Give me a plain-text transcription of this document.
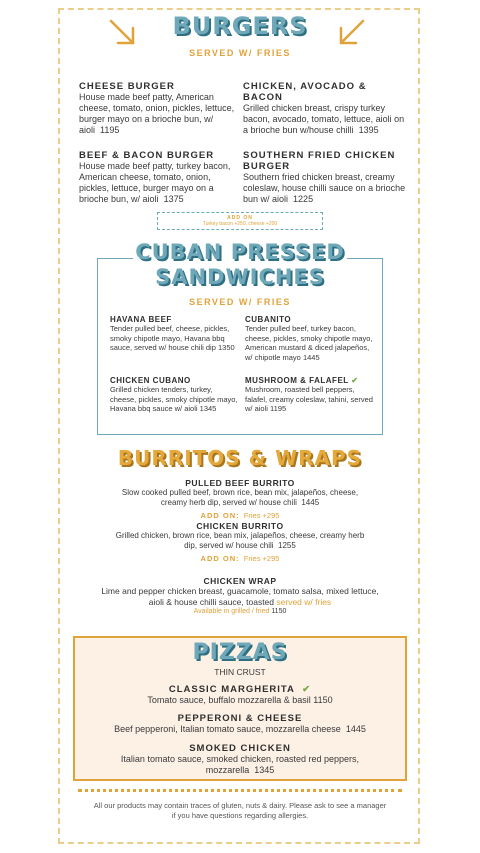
BURGERS
SERVED W/ FRIES
CHEESE BURGER
House made beef patty, American cheese, tomato, onion, pickles, lettuce, burger mayo on a brioche bun, w/ aioli 1195
CHICKEN, AVOCADO & BACON
Grilled chicken breast, crispy turkey bacon, avocado, tomato, lettuce, aioli on a brioche bun w/house chilli 1395
BEEF & BACON BURGER
House made beef patty, turkey bacon, American cheese, tomato, onion, pickles, lettuce, burger mayo on a brioche bun, w/ aioli 1375
SOUTHERN FRIED CHICKEN BURGER
Southern fried chicken breast, creamy coleslaw, house chilli sauce on a brioche bun w/ aioli 1225
ADD ON
Turkey bacon +250, cheese +200
CUBAN PRESSED
SANDWICHES
SERVED W/ FRIES
HAVANA BEEF
Tender pulled beef, cheese, pickles, smoky chipotle mayo, Havana bbq sauce, served w/ house chili dip 1350
CUBANITO
Tender pulled beef, turkey bacon, cheese, pickles, smoky chipotle mayo, American mustard & diced jalapeños, w/ chipotle mayo 1445
CHICKEN CUBANO
Grilled chicken tenders, turkey, cheese, pickles, smoky chipotle mayo, Havana bbq sauce w/ aioli 1345
MUSHROOM & FALAFEL ✔
Mushroom, roasted bell peppers, falafel, creamy coleslaw, tahini, served w/ aioli 1195
BURRITOS & WRAPS
PULLED BEEF BURRITO
Slow cooked pulled beef, brown rice, bean mix, jalapeños, cheese, creamy herb dip, served w/ house chili 1445
ADD ON: Fries +295
CHICKEN BURRITO
Grilled chicken, brown rice, bean mix, jalapeños, cheese, creamy herb dip, served w/ house chili 1255
ADD ON: Fries +295
CHICKEN WRAP
Lime and pepper chicken breast, guacamole, tomato salsa, mixed lettuce, aioli & house chilli sauce, toasted served w/ fries
Available in grilled / fried 1150
PIZZAS
THIN CRUST
CLASSIC MARGHERITA ✔
Tomato sauce, buffalo mozzarella & basil 1150
PEPPERONI & CHEESE
Beef pepperoni, Italian tomato sauce, mozzarella cheese 1445
SMOKED CHICKEN
Italian tomato sauce, smoked chicken, roasted red peppers, mozzarella 1345
All our products may contain traces of gluten, nuts & dairy. Please ask to see a manager
if you have questions regarding allergies.
